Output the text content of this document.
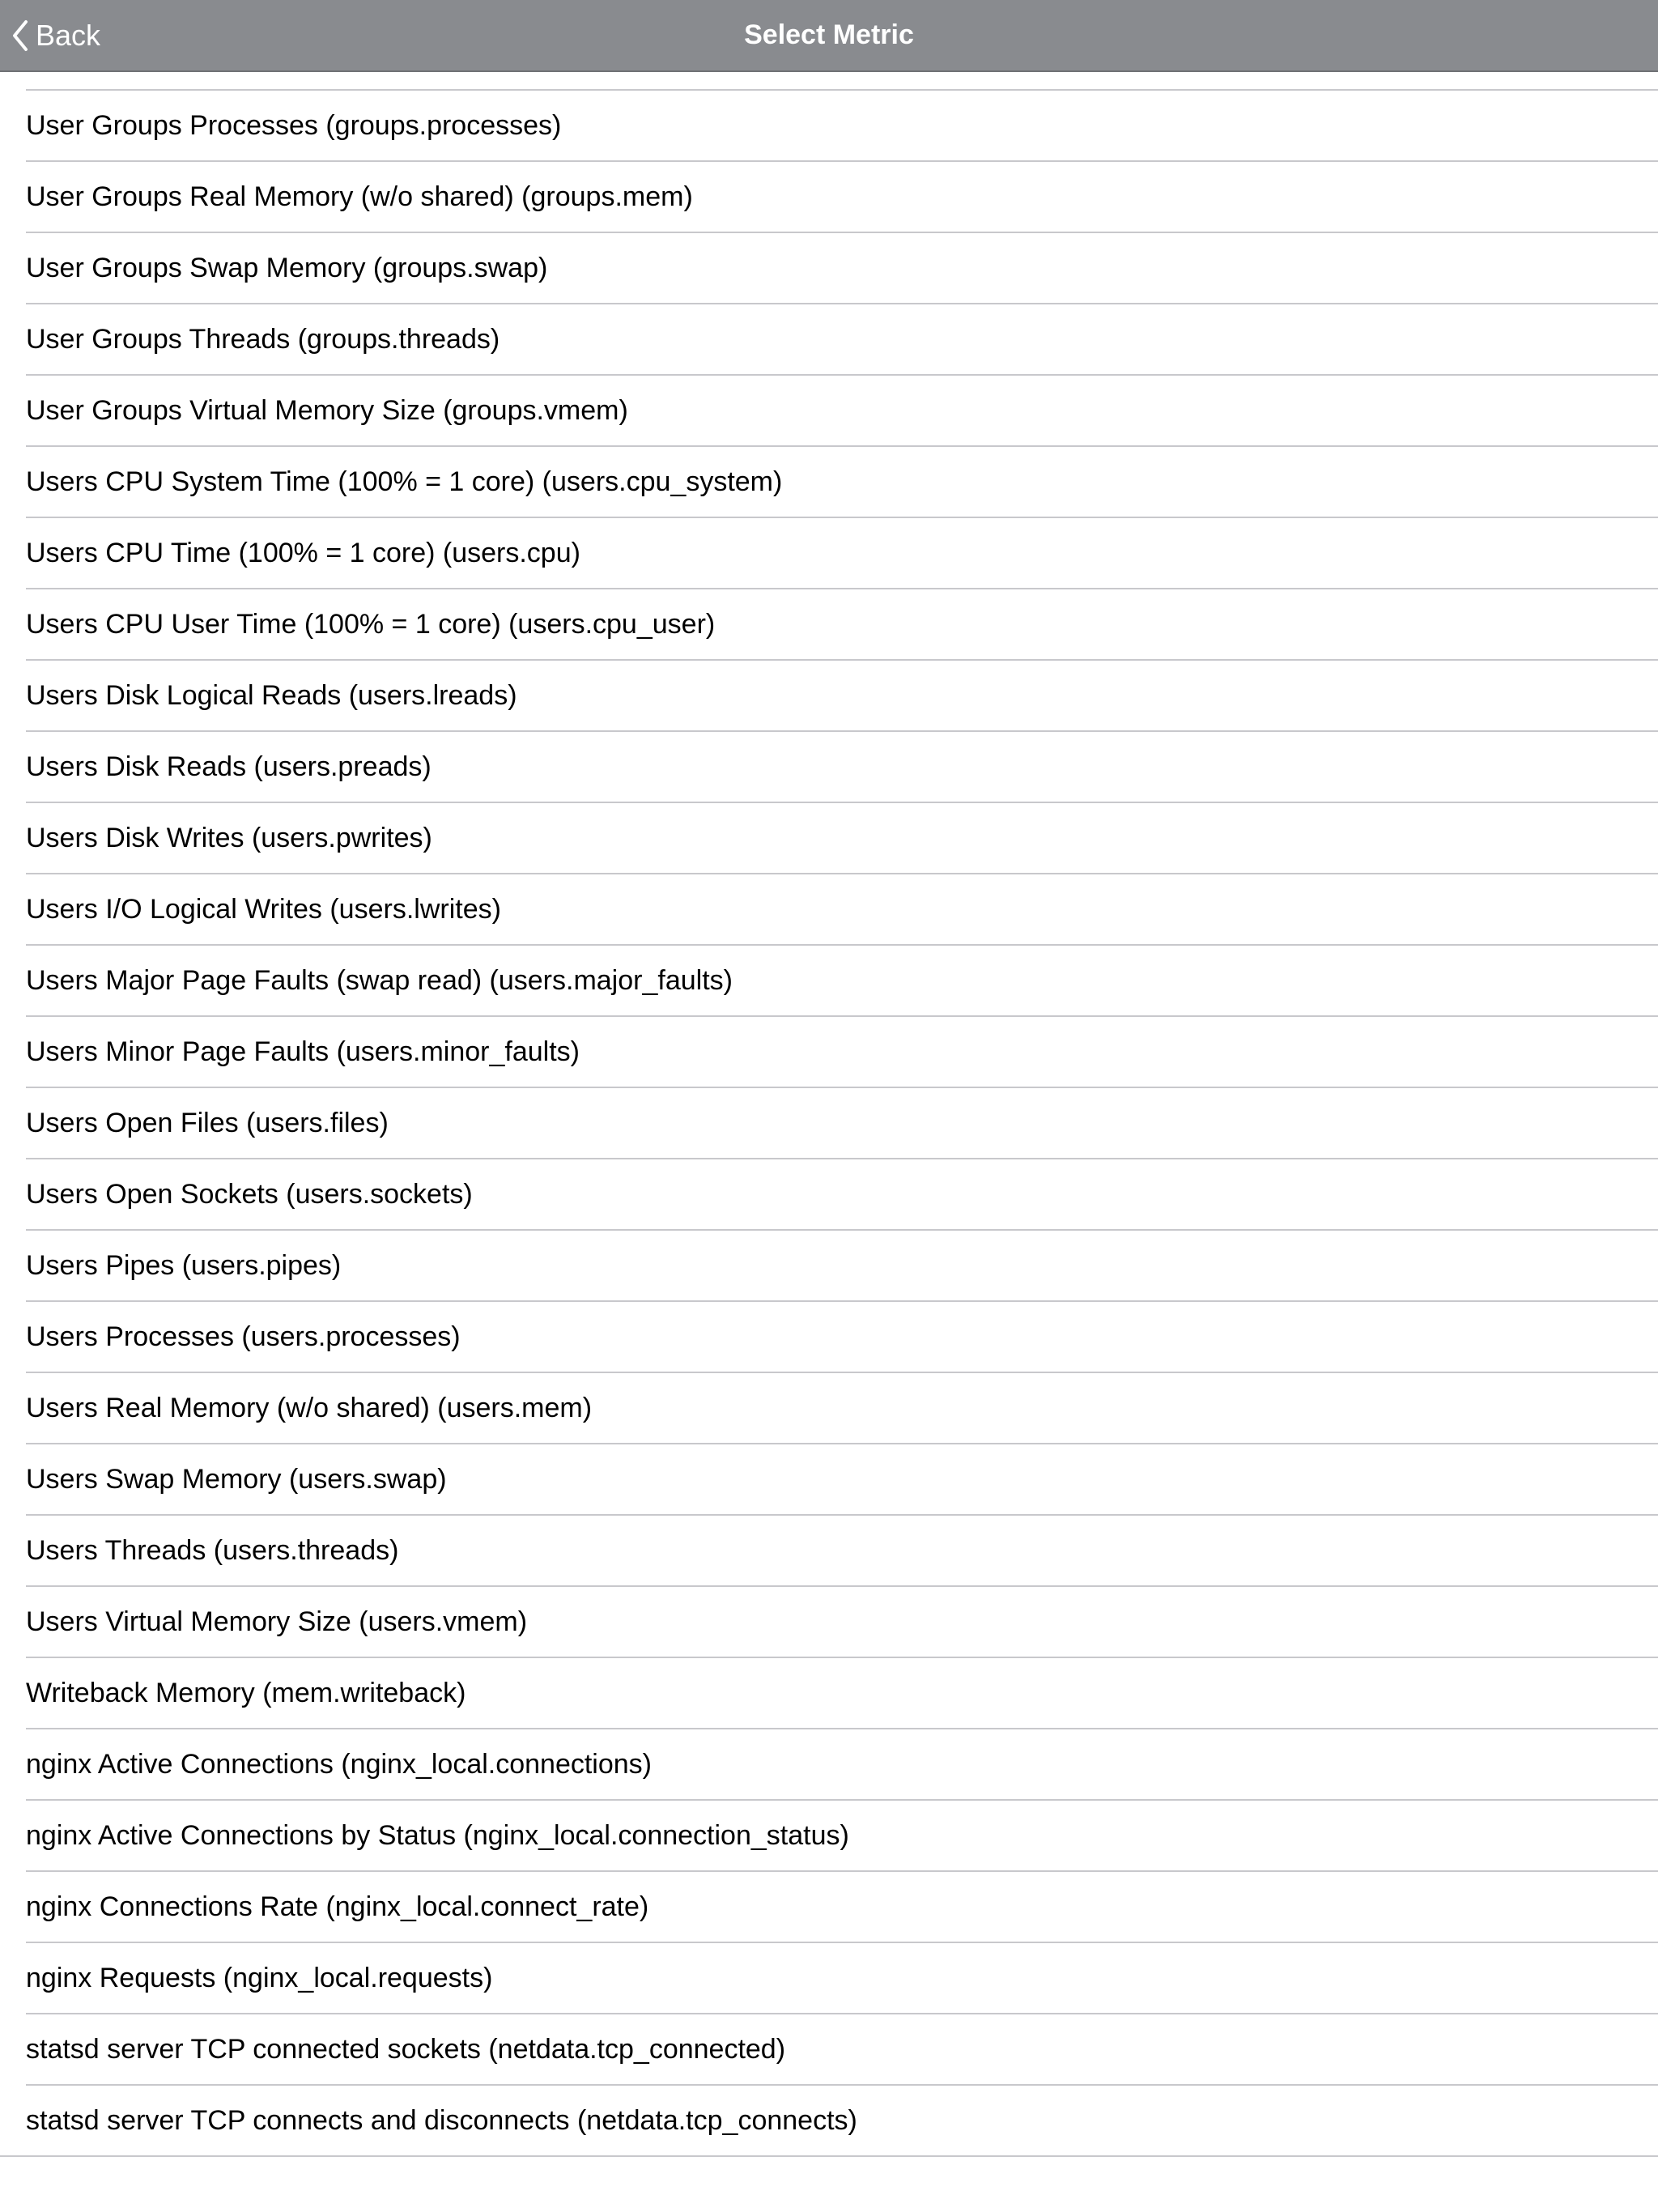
Back	Select Metric
User Groups Processes (groups.processes)
User Groups Real Memory (w/o shared) (groups.mem)
User Groups Swap Memory (groups.swap)
User Groups Threads (groups.threads)
User Groups Virtual Memory Size (groups.vmem)
Users CPU System Time (100% = 1 core) (users.cpu_system)
Users CPU Time (100% = 1 core) (users.cpu)
Users CPU User Time (100% = 1 core) (users.cpu_user)
Users Disk Logical Reads (users.lreads)
Users Disk Reads (users.preads)
Users Disk Writes (users.pwrites)
Users I/O Logical Writes (users.lwrites)
Users Major Page Faults (swap read) (users.major_faults)
Users Minor Page Faults (users.minor_faults)
Users Open Files (users.files)
Users Open Sockets (users.sockets)
Users Pipes (users.pipes)
Users Processes (users.processes)
Users Real Memory (w/o shared) (users.mem)
Users Swap Memory (users.swap)
Users Threads (users.threads)
Users Virtual Memory Size (users.vmem)
Writeback Memory (mem.writeback)
nginx Active Connections (nginx_local.connections)
nginx Active Connections by Status (nginx_local.connection_status)
nginx Connections Rate (nginx_local.connect_rate)
nginx Requests (nginx_local.requests)
statsd server TCP connected sockets (netdata.tcp_connected)
statsd server TCP connects and disconnects (netdata.tcp_connects)
